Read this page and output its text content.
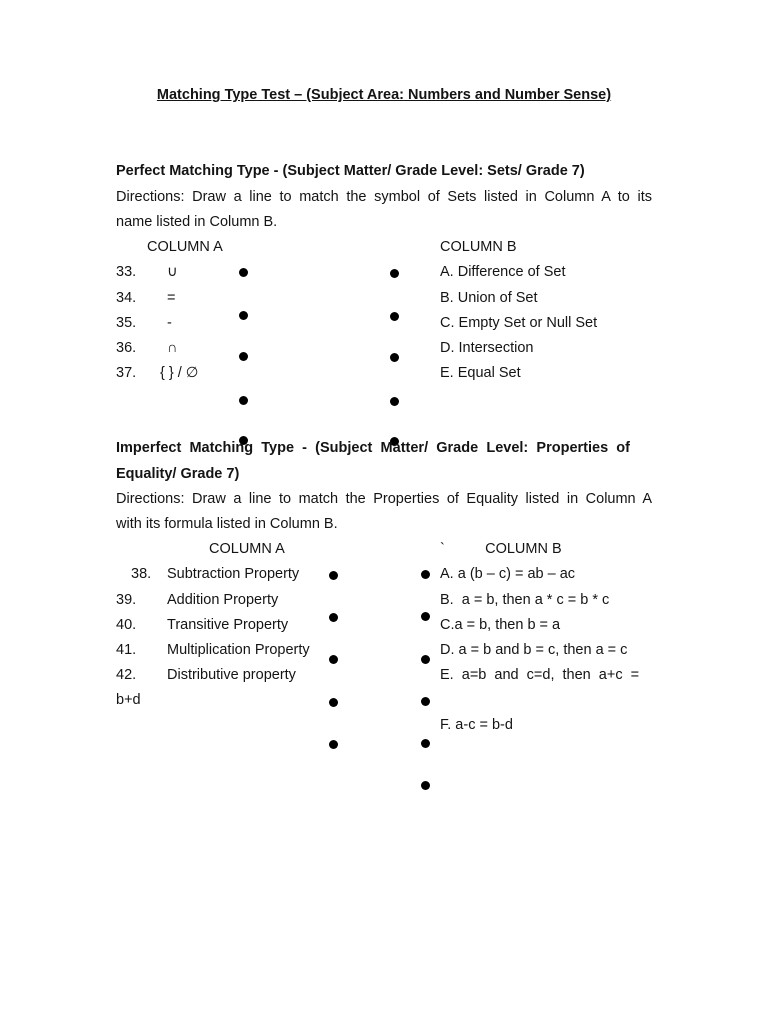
Matching Type Test – (Subject Area: Numbers and Number Sense)
Perfect Matching Type - (Subject Matter/ Grade Level: Sets/ Grade 7)
Directions: Draw a line to match the symbol of Sets listed in Column A to its
name listed in Column B.
COLUMN A	COLUMN B
33. ∪
34. =
35. -
36. ∩
37. { } / ∅
A. Difference of Set
B. Union of Set
C. Empty Set or Null Set
D. Intersection
E. Equal Set
Imperfect Matching Type - (Subject Matter/ Grade Level: Properties of
Equality/ Grade 7)
Directions: Draw a line to match the Properties of Equality listed in Column A
with its formula listed in Column B.
COLUMN A	`          COLUMN B
38. Subtraction Property
39. Addition Property
40. Transitive Property
41. Multiplication Property
42. Distributive property
b+d
A. a (b – c) = ab – ac
B.  a = b, then a * c = b * c
C.a = b, then b = a
D. a = b and b = c, then a = c
E.  a=b  and  c=d,  then  a+c  =
F. a-c = b-d
